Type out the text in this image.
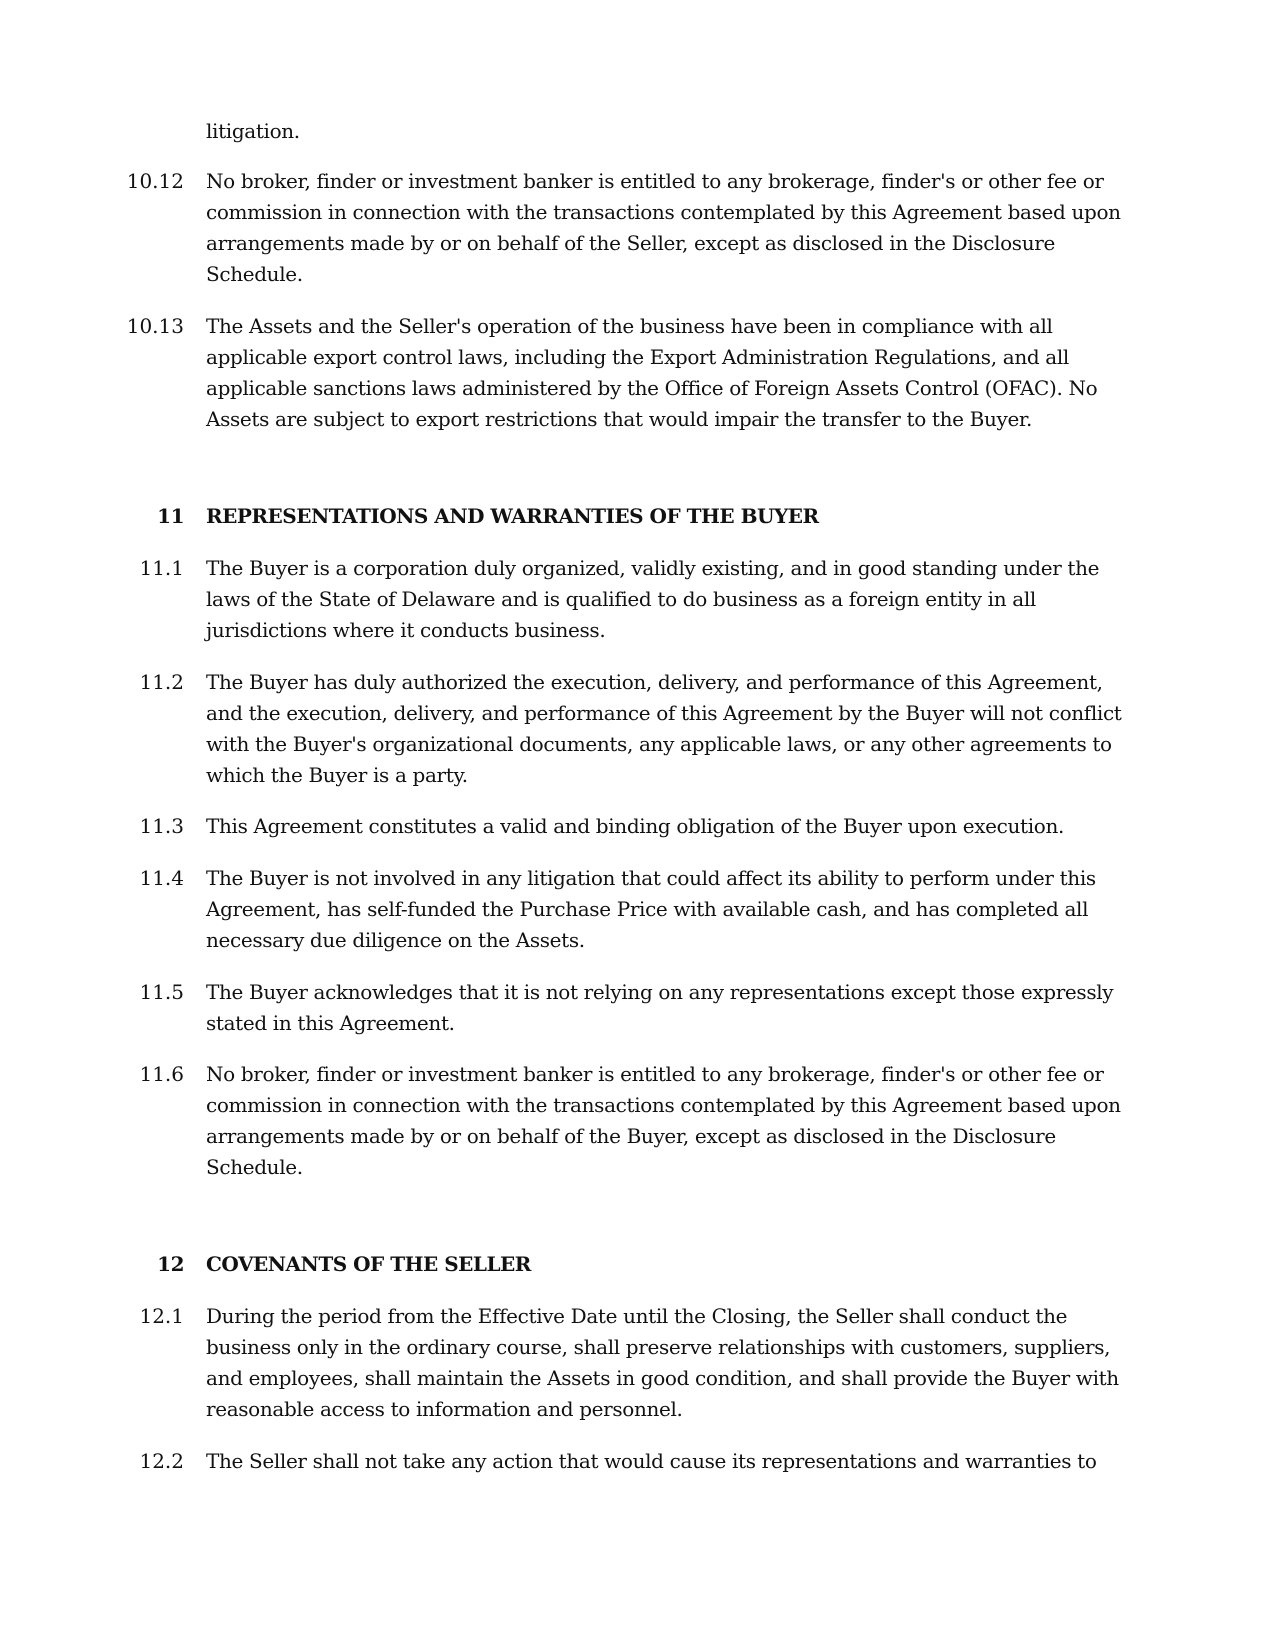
litigation.
10.12 No broker, finder or investment banker is entitled to any brokerage, finder's or other fee or commission in connection with the transactions contemplated by this Agreement based upon arrangements made by or on behalf of the Seller, except as disclosed in the Disclosure Schedule.
10.13 The Assets and the Seller's operation of the business have been in compliance with all applicable export control laws, including the Export Administration Regulations, and all applicable sanctions laws administered by the Office of Foreign Assets Control (OFAC). No Assets are subject to export restrictions that would impair the transfer to the Buyer.
11 REPRESENTATIONS AND WARRANTIES OF THE BUYER
11.1 The Buyer is a corporation duly organized, validly existing, and in good standing under the laws of the State of Delaware and is qualified to do business as a foreign entity in all jurisdictions where it conducts business.
11.2 The Buyer has duly authorized the execution, delivery, and performance of this Agreement, and the execution, delivery, and performance of this Agreement by the Buyer will not conflict with the Buyer's organizational documents, any applicable laws, or any other agreements to which the Buyer is a party.
11.3 This Agreement constitutes a valid and binding obligation of the Buyer upon execution.
11.4 The Buyer is not involved in any litigation that could affect its ability to perform under this Agreement, has self-funded the Purchase Price with available cash, and has completed all necessary due diligence on the Assets.
11.5 The Buyer acknowledges that it is not relying on any representations except those expressly stated in this Agreement.
11.6 No broker, finder or investment banker is entitled to any brokerage, finder's or other fee or commission in connection with the transactions contemplated by this Agreement based upon arrangements made by or on behalf of the Buyer, except as disclosed in the Disclosure Schedule.
12 COVENANTS OF THE SELLER
12.1 During the period from the Effective Date until the Closing, the Seller shall conduct the business only in the ordinary course, shall preserve relationships with customers, suppliers, and employees, shall maintain the Assets in good condition, and shall provide the Buyer with reasonable access to information and personnel.
12.2 The Seller shall not take any action that would cause its representations and warranties to
